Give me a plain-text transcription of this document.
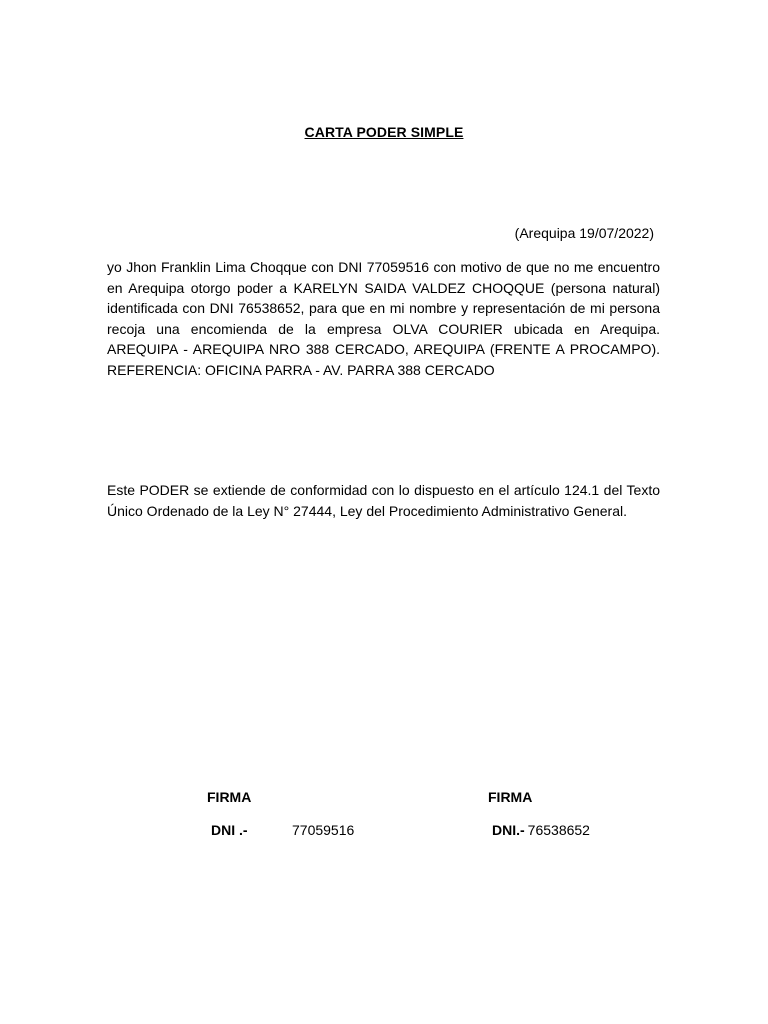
CARTA PODER SIMPLE
(Arequipa 19/07/2022)
yo Jhon Franklin Lima Choqque con DNI 77059516 con motivo de que no me encuentro en Arequipa otorgo poder a KARELYN SAIDA VALDEZ CHOQQUE (persona natural) identificada con DNI 76538652, para que en mi nombre y representación de mi persona recoja una encomienda de la empresa OLVA COURIER ubicada en Arequipa. AREQUIPA - AREQUIPA NRO 388 CERCADO, AREQUIPA (FRENTE A PROCAMPO). REFERENCIA: OFICINA PARRA - AV. PARRA 388 CERCADO
Este PODER se extiende de conformidad con lo dispuesto en el artículo 124.1 del Texto Único Ordenado de la Ley N° 27444, Ley del Procedimiento Administrativo General.
FIRMA	FIRMA
DNI .-	77059516	DNI.- 76538652
